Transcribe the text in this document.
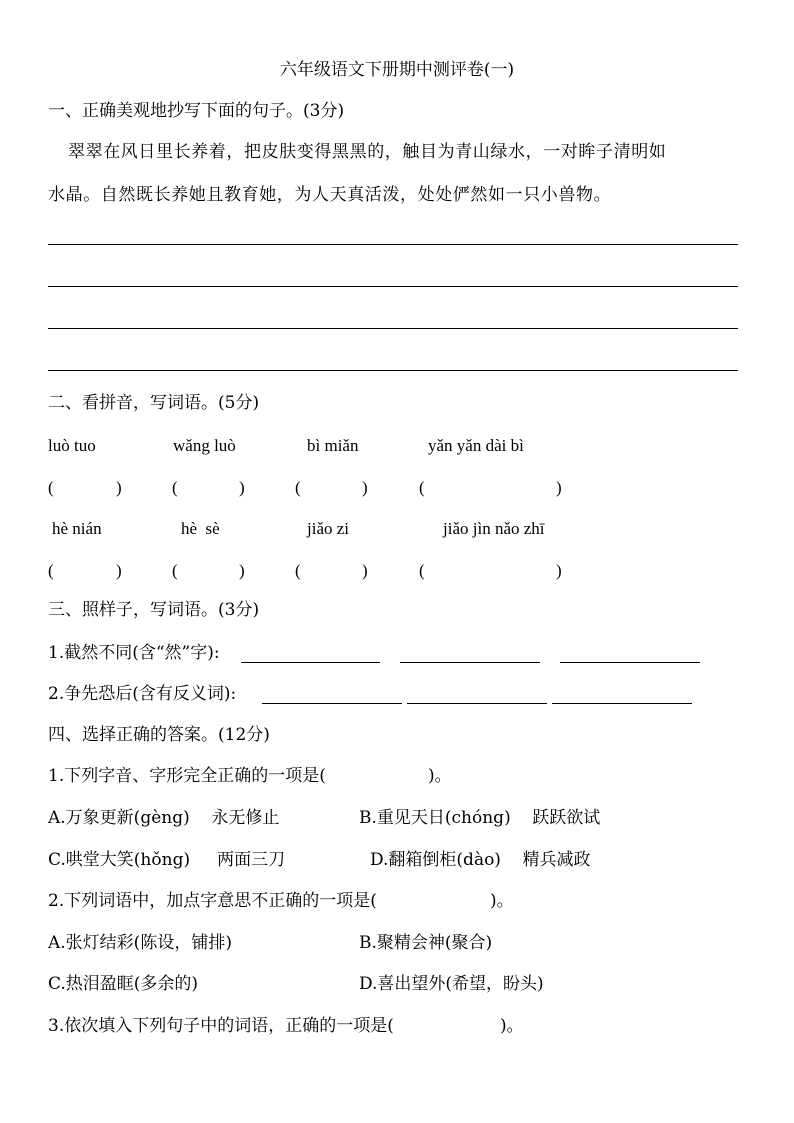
六年级语文下册期中测评卷(一)
一、正确美观地抄写下面的句子。(3分)
翠翠在风日里长养着，把皮肤变得黑黑的，触目为青山绿水，一对眸子清明如
水晶。自然既长养她且教育她，为人天真活泼，处处俨然如一只小兽物。
二、看拼音，写词语。(5分)
luò tuo	wǎng luò	bì miǎn	yǎn yǎn dài bì
(	)	(	)	(	)	(	)
hè nián	hè  sè	jiǎo zi	jiǎo jìn nǎo zhī
(	)	(	)	(	)	(	)
三、照样子，写词语。(3分)
1.截然不同(含“然”字):
2.争先恐后(含有反义词):
四、选择正确的答案。(12分)
1.下列字音、字形完全正确的一项是(	)。
A.万象更新(gèng)    永无修止	B.重见天日(chóng)    跃跃欲试
C.哄堂大笑(hǒng)     两面三刀	D.翻箱倒柜(dào)    精兵减政
2.下列词语中，加点字意思不正确的一项是(	)。
A.张灯结彩(陈设，铺排)	B.聚精会神(聚合)
C.热泪盈眶(多余的)	D.喜出望外(希望，盼头)
3.依次填入下列句子中的词语，正确的一项是(	)。
